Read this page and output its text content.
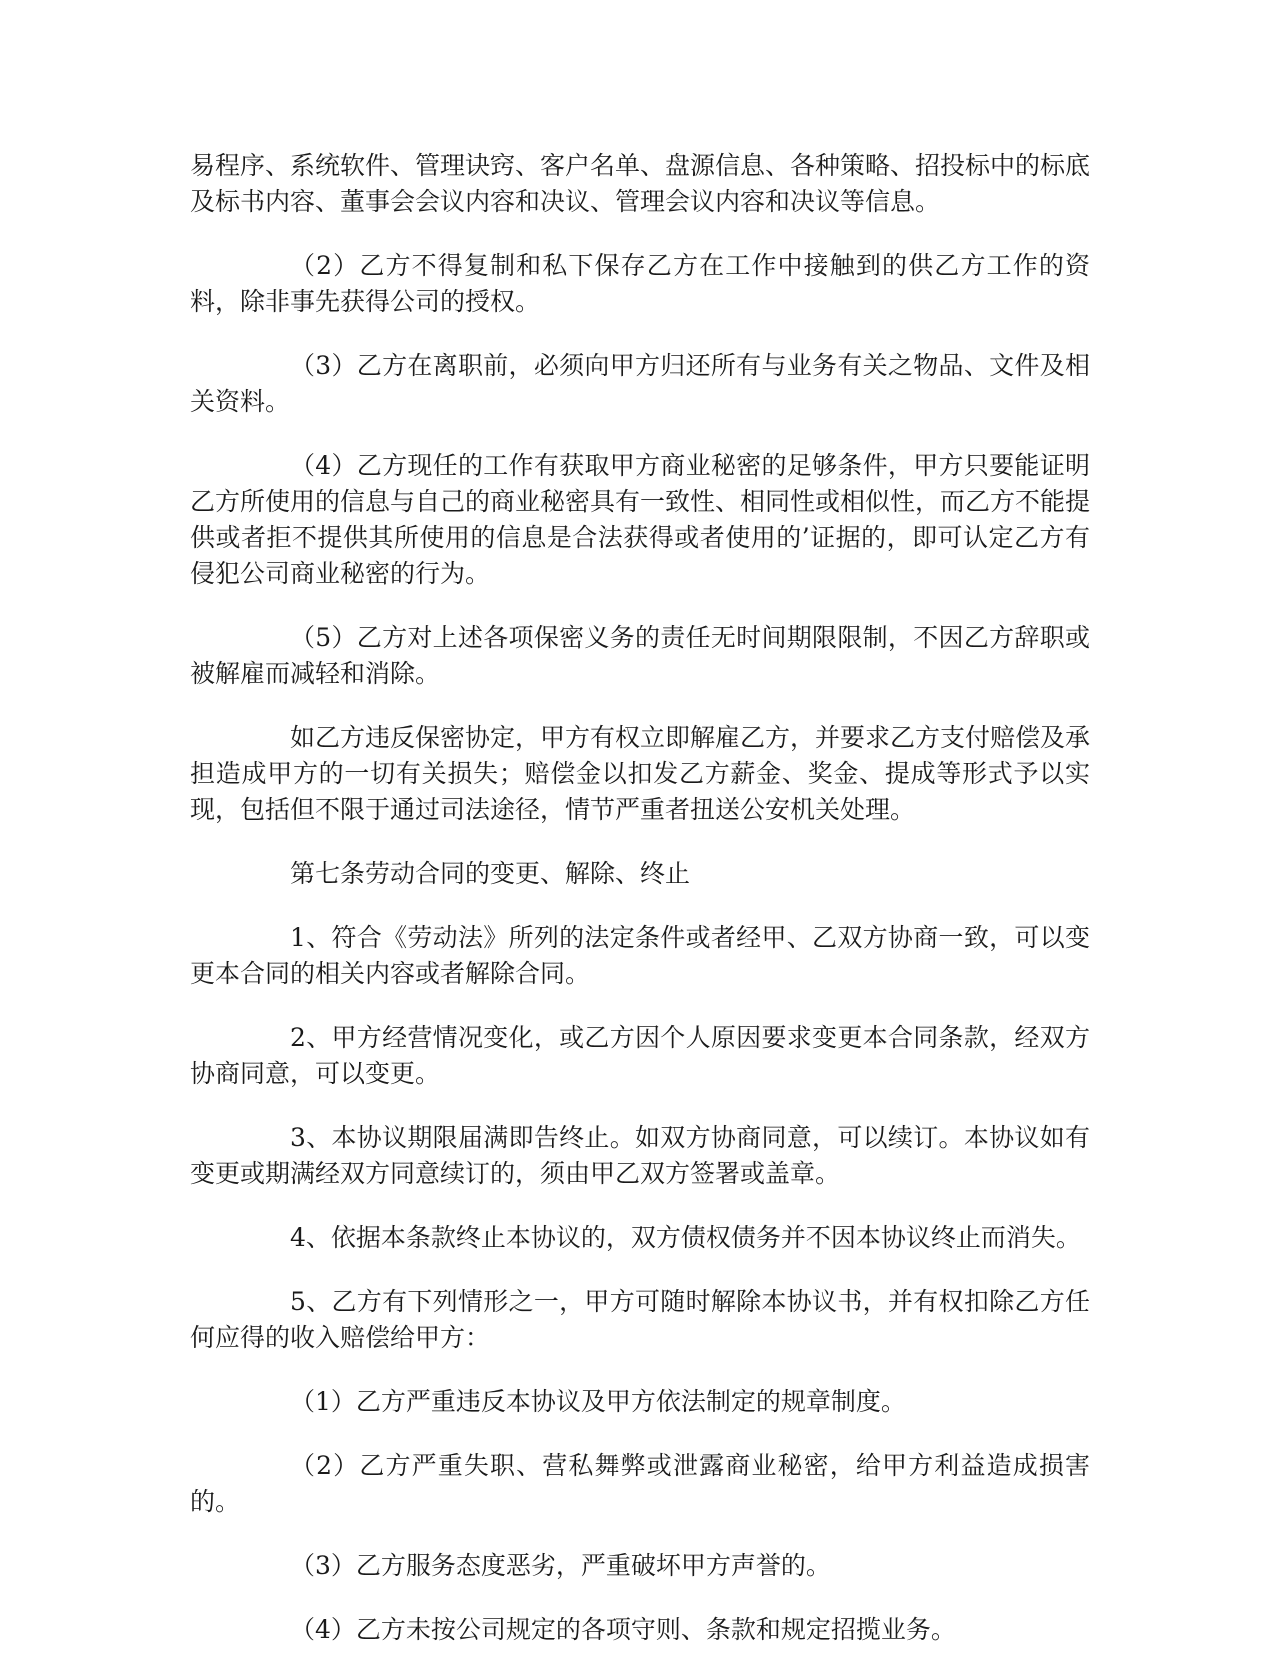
易程序、系统软件、管理诀窍、客户名单、盘源信息、各种策略、招投标中的标底及标书内容、董事会会议内容和决议、管理会议内容和决议等信息。

（2）乙方不得复制和私下保存乙方在工作中接触到的供乙方工作的资料，除非事先获得公司的授权。

（3）乙方在离职前，必须向甲方归还所有与业务有关之物品、文件及相关资料。

（4）乙方现任的工作有获取甲方商业秘密的足够条件，甲方只要能证明乙方所使用的信息与自己的商业秘密具有一致性、相同性或相似性，而乙方不能提供或者拒不提供其所使用的信息是合法获得或者使用的’证据的，即可认定乙方有侵犯公司商业秘密的行为。

（5）乙方对上述各项保密义务的责任无时间期限限制，不因乙方辞职或被解雇而减轻和消除。

如乙方违反保密协定，甲方有权立即解雇乙方，并要求乙方支付赔偿及承担造成甲方的一切有关损失；赔偿金以扣发乙方薪金、奖金、提成等形式予以实现，包括但不限于通过司法途径，情节严重者扭送公安机关处理。

第七条劳动合同的变更、解除、终止

1、符合《劳动法》所列的法定条件或者经甲、乙双方协商一致，可以变更本合同的相关内容或者解除合同。

2、甲方经营情况变化，或乙方因个人原因要求变更本合同条款，经双方协商同意，可以变更。

3、本协议期限届满即告终止。如双方协商同意，可以续订。本协议如有变更或期满经双方同意续订的，须由甲乙双方签署或盖章。

4、依据本条款终止本协议的，双方债权债务并不因本协议终止而消失。

5、乙方有下列情形之一，甲方可随时解除本协议书，并有权扣除乙方任何应得的收入赔偿给甲方：

（1）乙方严重违反本协议及甲方依法制定的规章制度。

（2）乙方严重失职、营私舞弊或泄露商业秘密，给甲方利益造成损害的。

（3）乙方服务态度恶劣，严重破坏甲方声誉的。

（4）乙方未按公司规定的各项守则、条款和规定招揽业务。
